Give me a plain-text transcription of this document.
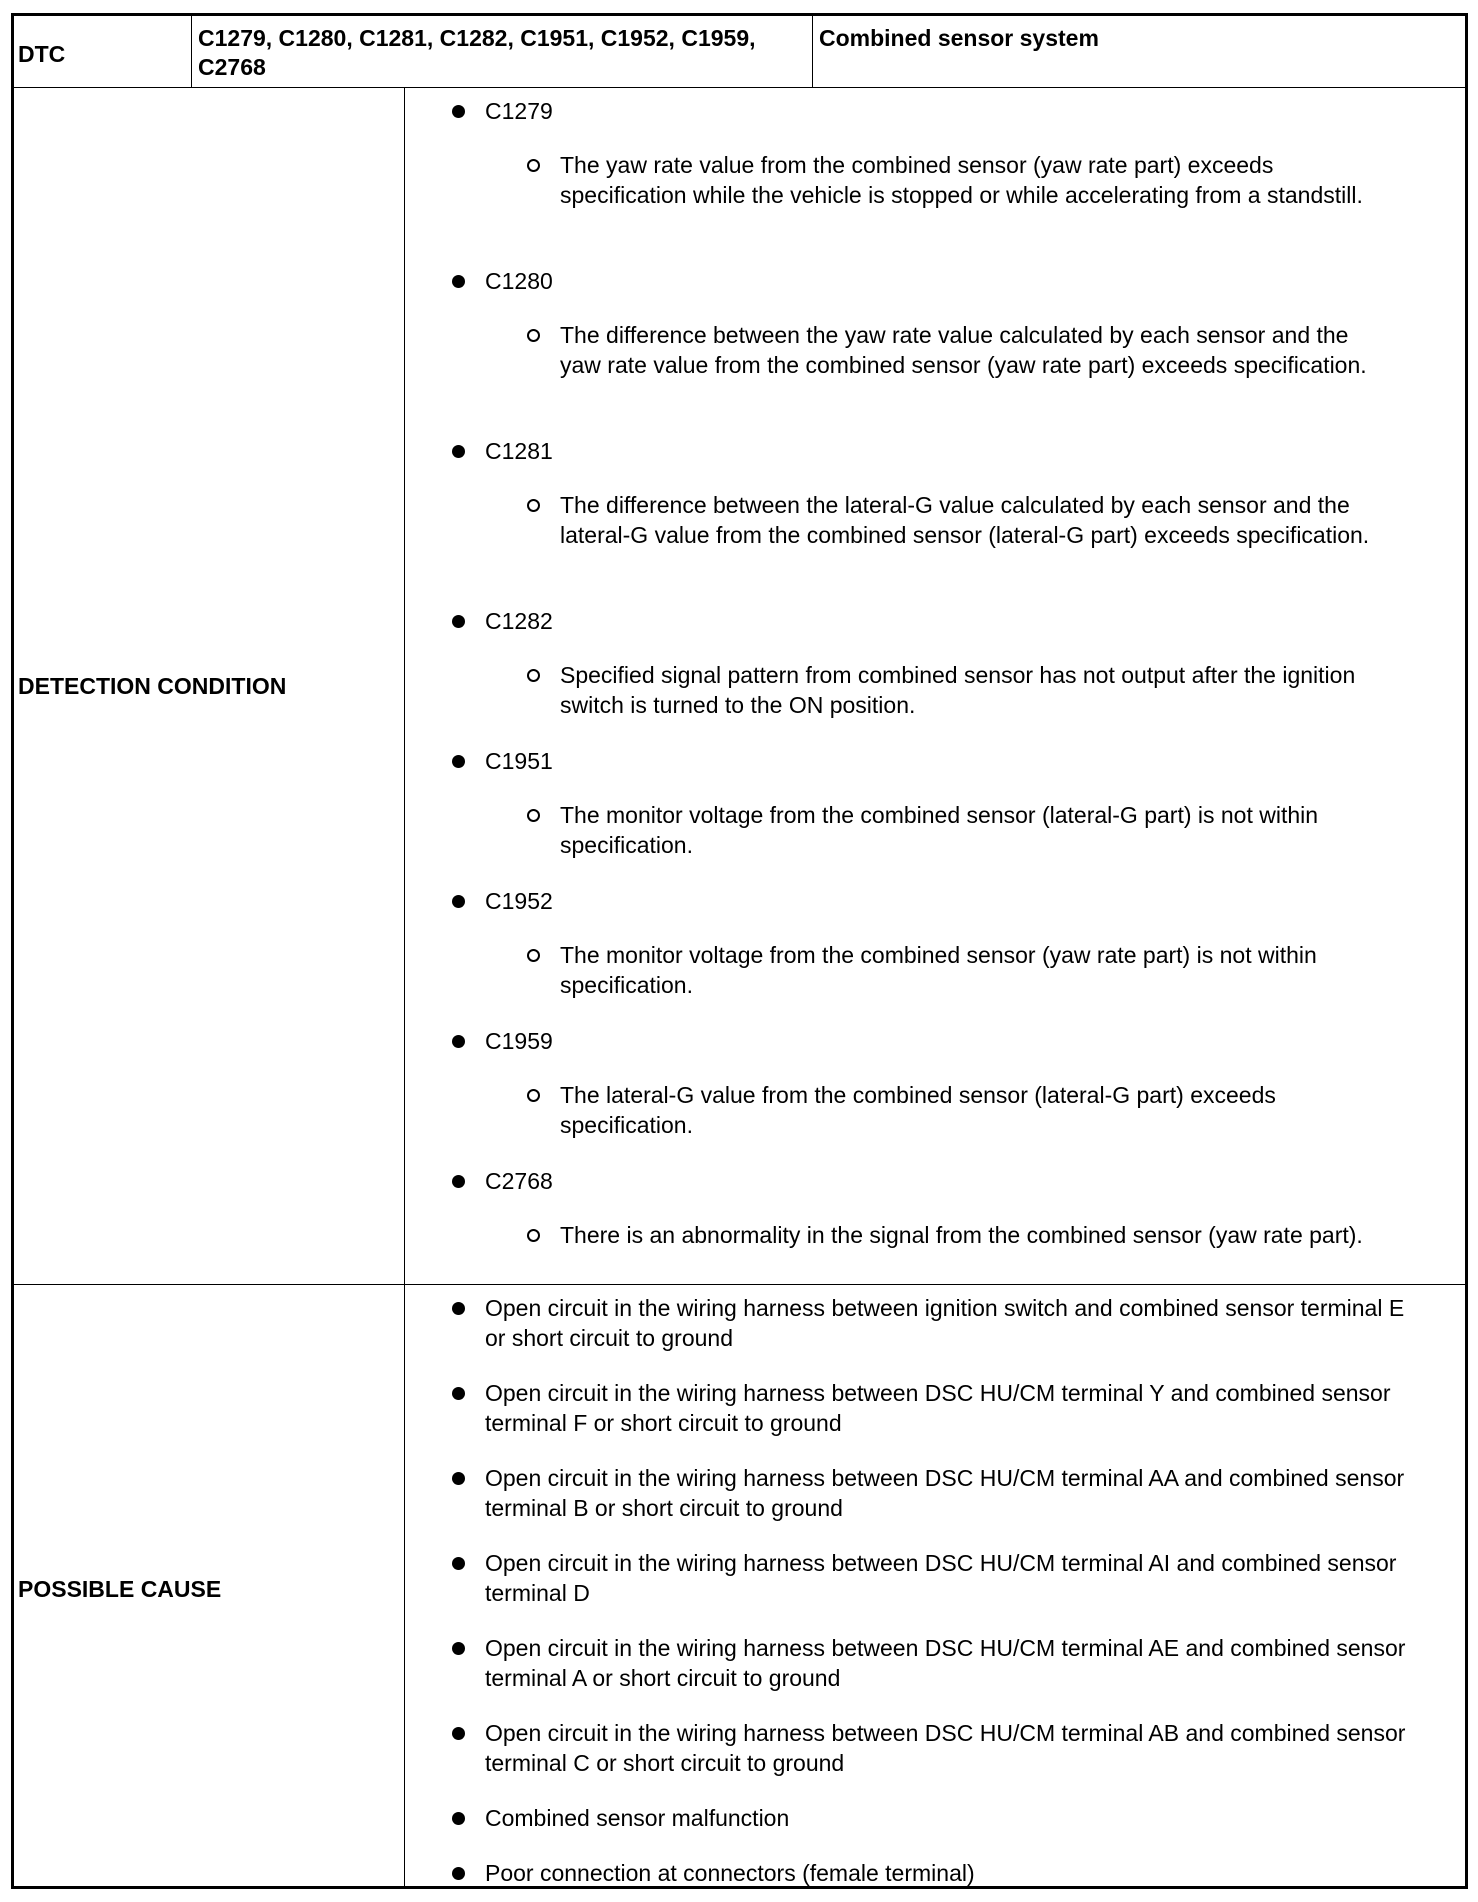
DTC
C1279, C1280, C1281, C1282, C1951, C1952, C1959, C2768
Combined sensor system
DETECTION CONDITION
POSSIBLE CAUSE
C1279
The yaw rate value from the combined sensor (yaw rate part) exceeds specification while the vehicle is stopped or while accelerating from a standstill.
C1280
The difference between the yaw rate value calculated by each sensor and the yaw rate value from the combined sensor (yaw rate part) exceeds specification.
C1281
The difference between the lateral-G value calculated by each sensor and the lateral-G value from the combined sensor (lateral-G part) exceeds specification.
C1282
Specified signal pattern from combined sensor has not output after the ignition switch is turned to the ON position.
C1951
The monitor voltage from the combined sensor (lateral-G part) is not within specification.
C1952
The monitor voltage from the combined sensor (yaw rate part) is not within specification.
C1959
The lateral-G value from the combined sensor (lateral-G part) exceeds specification.
C2768
There is an abnormality in the signal from the combined sensor (yaw rate part).
Open circuit in the wiring harness between ignition switch and combined sensor terminal E or short circuit to ground
Open circuit in the wiring harness between DSC HU/CM terminal Y and combined sensor terminal F or short circuit to ground
Open circuit in the wiring harness between DSC HU/CM terminal AA and combined sensor terminal B or short circuit to ground
Open circuit in the wiring harness between DSC HU/CM terminal AI and combined sensor terminal D
Open circuit in the wiring harness between DSC HU/CM terminal AE and combined sensor terminal A or short circuit to ground
Open circuit in the wiring harness between DSC HU/CM terminal AB and combined sensor terminal C or short circuit to ground
Combined sensor malfunction
Poor connection at connectors (female terminal)
